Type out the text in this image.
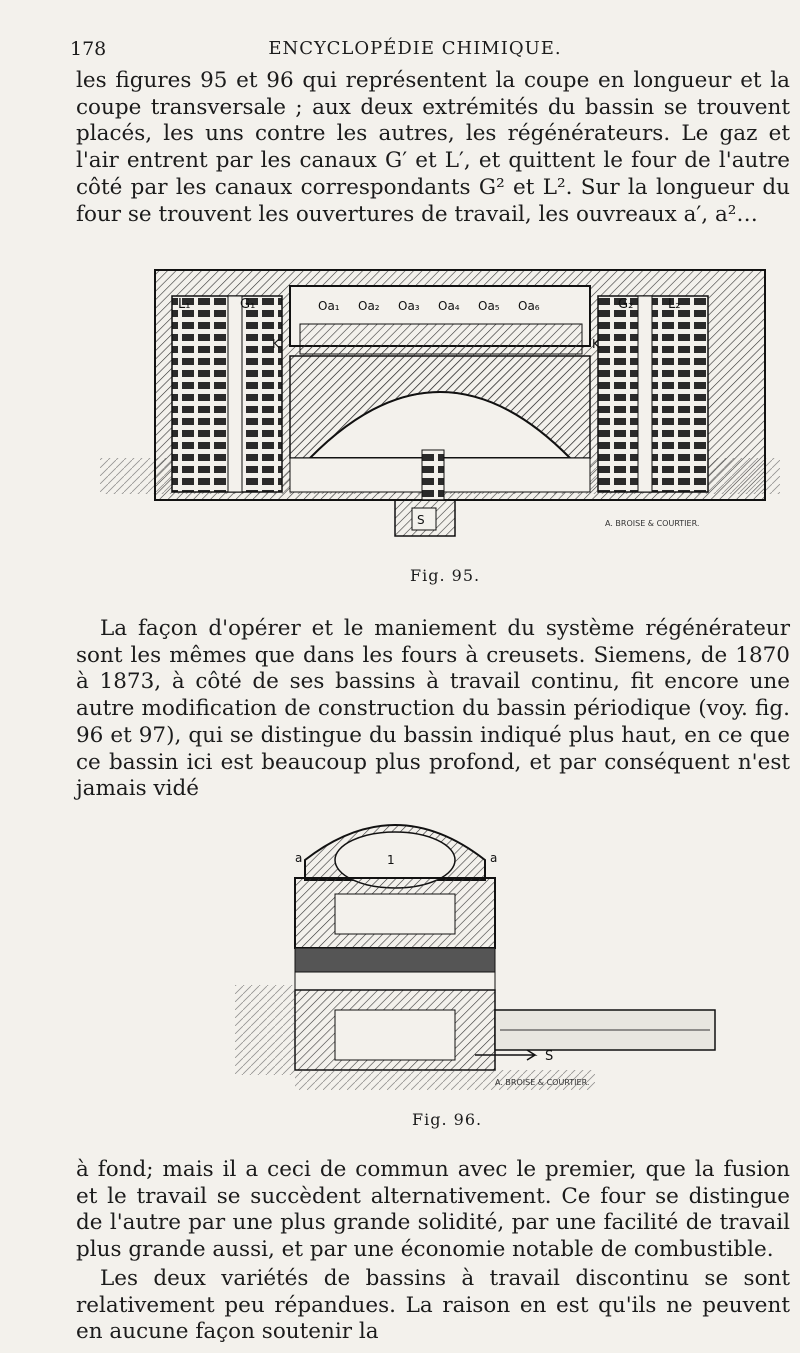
178	ENCYCLOPÉDIE CHIMIQUE.

les figures 95 et 96 qui représentent la coupe en longueur et la coupe transversale ; aux deux extrémités du bassin se trouvent placés, les uns contre les autres, les régénérateurs. Le gaz et l'air entrent par les canaux G′ et L′, et quittent le four de l'autre côté par les canaux correspondants G² et L². Sur la longueur du four se trouvent les ouvertures de travail, les ouvreaux a′, a²…

S
L₁	G₁	G₂	L₂
K	K
Oa₁ Oa₂ Oa₃ Oa₄ Oa₅ Oa₆
A. BROISE & COURTIER.
Fig. 95.

La façon d'opérer et le maniement du système régénérateur sont les mêmes que dans les fours à creusets. Siemens, de 1870 à 1873, à côté de ses bassins à travail continu, fit encore une autre modification de construction du bassin périodique (voy. fig. 96 et 97), qui se distingue du bassin indiqué plus haut, en ce que ce bassin ici est beaucoup plus profond, et par conséquent n'est jamais vidé

a	a
1
S
A. BROISE & COURTIER.
Fig. 96.

à fond; mais il a ceci de commun avec le premier, que la fusion et le travail se succèdent alternativement. Ce four se distingue de l'autre par une plus grande solidité, par une facilité de travail plus grande aussi, et par une économie notable de combustible.

Les deux variétés de bassins à travail discontinu se sont relativement peu répandues. La raison en est qu'ils ne peuvent en aucune façon soutenir la
